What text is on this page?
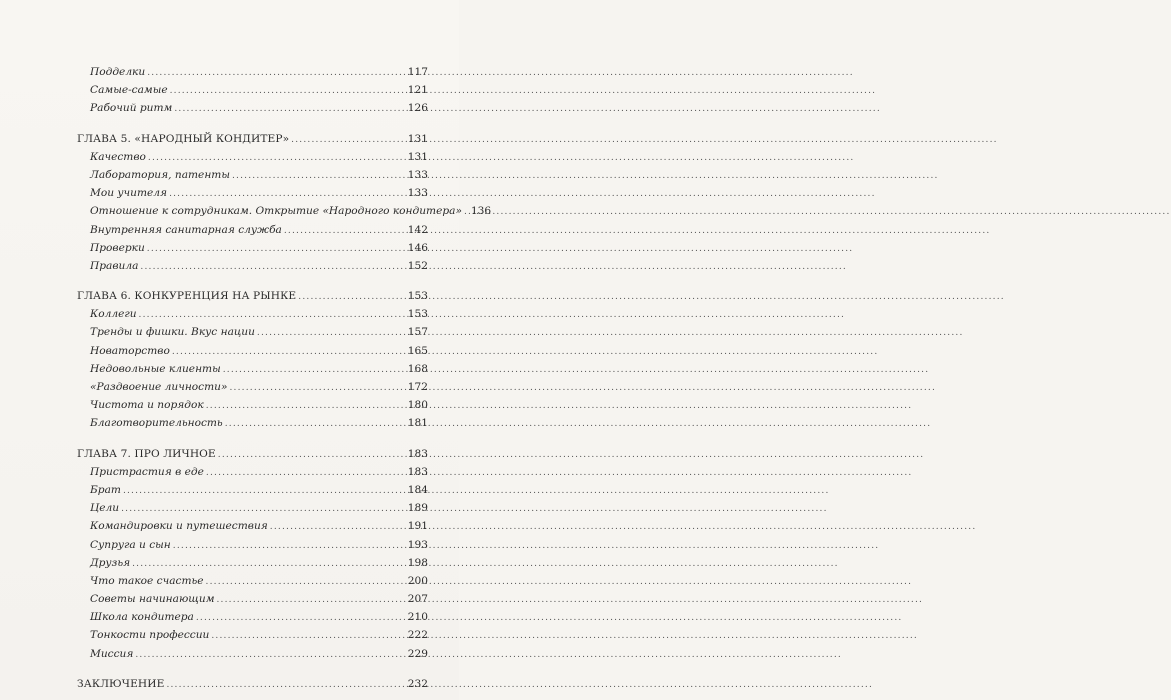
Подделки .....	117
Самые-самые .....	121
Рабочий ритм .....	126
ГЛАВА 5. «НАРОДНЫЙ КОНДИТЕР» .....	131
Качество .....	131
Лаборатория, патенты .....	133
Мои учителя .....	133
Отношение к сотрудникам. Открытие «Народного кондитера» ..... 136
Внутренняя санитарная служба .....	142
Проверки .....	146
Правила .....	152
ГЛАВА 6. КОНКУРЕНЦИЯ НА РЫНКЕ .....	153
Коллеги .....	153
Тренды и фишки. Вкус нации .....	157
Новаторство .....	165
Недовольные клиенты .....	168
«Раздвоение личности» .....	172
Чистота и порядок .....	180
Благотворительность .....	181
ГЛАВА 7. ПРО ЛИЧНОЕ .....	183
Пристрастия в еде .....	183
Брат .....	184
Цели .....	189
Командировки и путешествия .....	191
Супруга и сын .....	193
Друзья .....	198
Что такое счастье .....	200
Советы начинающим .....	207
Школа кондитера .....	210
Тонкости профессии .....	222
Миссия .....	229
ЗАКЛЮЧЕНИЕ .....	232
